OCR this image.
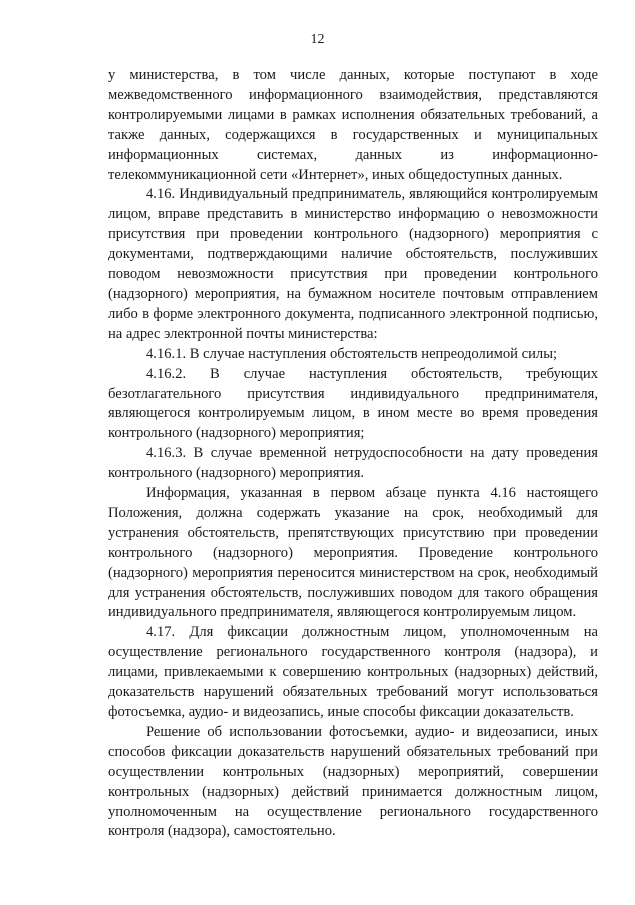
12

у министерства, в том числе данных, которые поступают в ходе межведомственного информационного взаимодействия, представляются контролируемыми лицами в рамках исполнения обязательных требований, а также данных, содержащихся в государственных и муниципальных информационных системах, данных из информационно-телекоммуникационной сети «Интернет», иных общедоступных данных.

4.16. Индивидуальный предприниматель, являющийся контролируемым лицом, вправе представить в министерство информацию о невозможности присутствия при проведении контрольного (надзорного) мероприятия с документами, подтверждающими наличие обстоятельств, послуживших поводом невозможности присутствия при проведении контрольного (надзорного) мероприятия, на бумажном носителе почтовым отправлением либо в форме электронного документа, подписанного электронной подписью, на адрес электронной почты министерства:

4.16.1. В случае наступления обстоятельств непреодолимой силы;

4.16.2. В случае наступления обстоятельств, требующих безотлагательного присутствия индивидуального предпринимателя, являющегося контролируемым лицом, в ином месте во время проведения контрольного (надзорного) мероприятия;

4.16.3. В случае временной нетрудоспособности на дату проведения контрольного (надзорного) мероприятия.

Информация, указанная в первом абзаце пункта 4.16 настоящего Положения, должна содержать указание на срок, необходимый для устранения обстоятельств, препятствующих присутствию при проведении контрольного (надзорного) мероприятия. Проведение контрольного (надзорного) мероприятия переносится министерством на срок, необходимый для устранения обстоятельств, послуживших поводом для такого обращения индивидуального предпринимателя, являющегося контролируемым лицом.

4.17. Для фиксации должностным лицом, уполномоченным на осуществление регионального государственного контроля (надзора), и лицами, привлекаемыми к совершению контрольных (надзорных) действий, доказательств нарушений обязательных требований могут использоваться фотосъемка, аудио- и видеозапись, иные способы фиксации доказательств.

Решение об использовании фотосъемки, аудио- и видеозаписи, иных способов фиксации доказательств нарушений обязательных требований при осуществлении контрольных (надзорных) мероприятий, совершении контрольных (надзорных) действий принимается должностным лицом, уполномоченным на осуществление регионального государственного контроля (надзора), самостоятельно.
